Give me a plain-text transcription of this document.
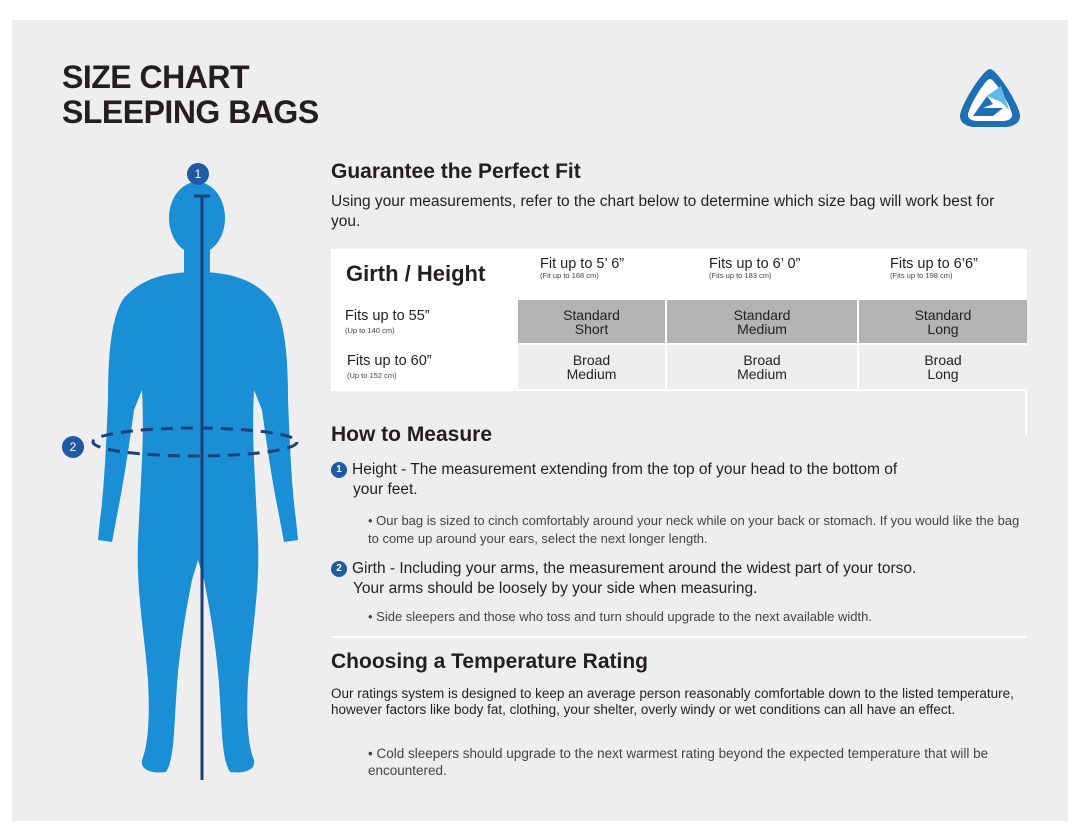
SIZE CHART
SLEEPING BAGS
1
2
Guarantee the Perfect Fit
Using your measurements, refer to the chart below to determine which size bag will work best for you.
Girth / Height	Fit up to 5’ 6”
(Fit up to 168 cm)
Fits up to 6’ 0”
(Fits up to 183 cm)
Fits up to 6’6”
(Fits up to 198 cm)
Fits up to 55”
(Up to 140 cm)
Standard
Short
Standard
Medium
Standard
Long
Fits up to 60”
(Up to 152 cm)
Broad
Medium
Broad
Medium
Broad
Long
How to Measure
1 Height - The measurement extending from the top of your head to the bottom of
your feet.
• Our bag is sized to cinch comfortably around your neck while on your back or stomach. If you would like the bag to come up around your ears, select the next longer length.
2 Girth - Including your arms, the measurement around the widest part of your torso.
Your arms should be loosely by your side when measuring.
• Side sleepers and those who toss and turn should upgrade to the next available width.
Choosing a Temperature Rating
Our ratings system is designed to keep an average person reasonably comfortable down to the listed temperature, however factors like body fat, clothing, your shelter, overly windy or wet conditions can all have an effect.
• Cold sleepers should upgrade to the next warmest rating beyond the expected temperature that will be encountered.
